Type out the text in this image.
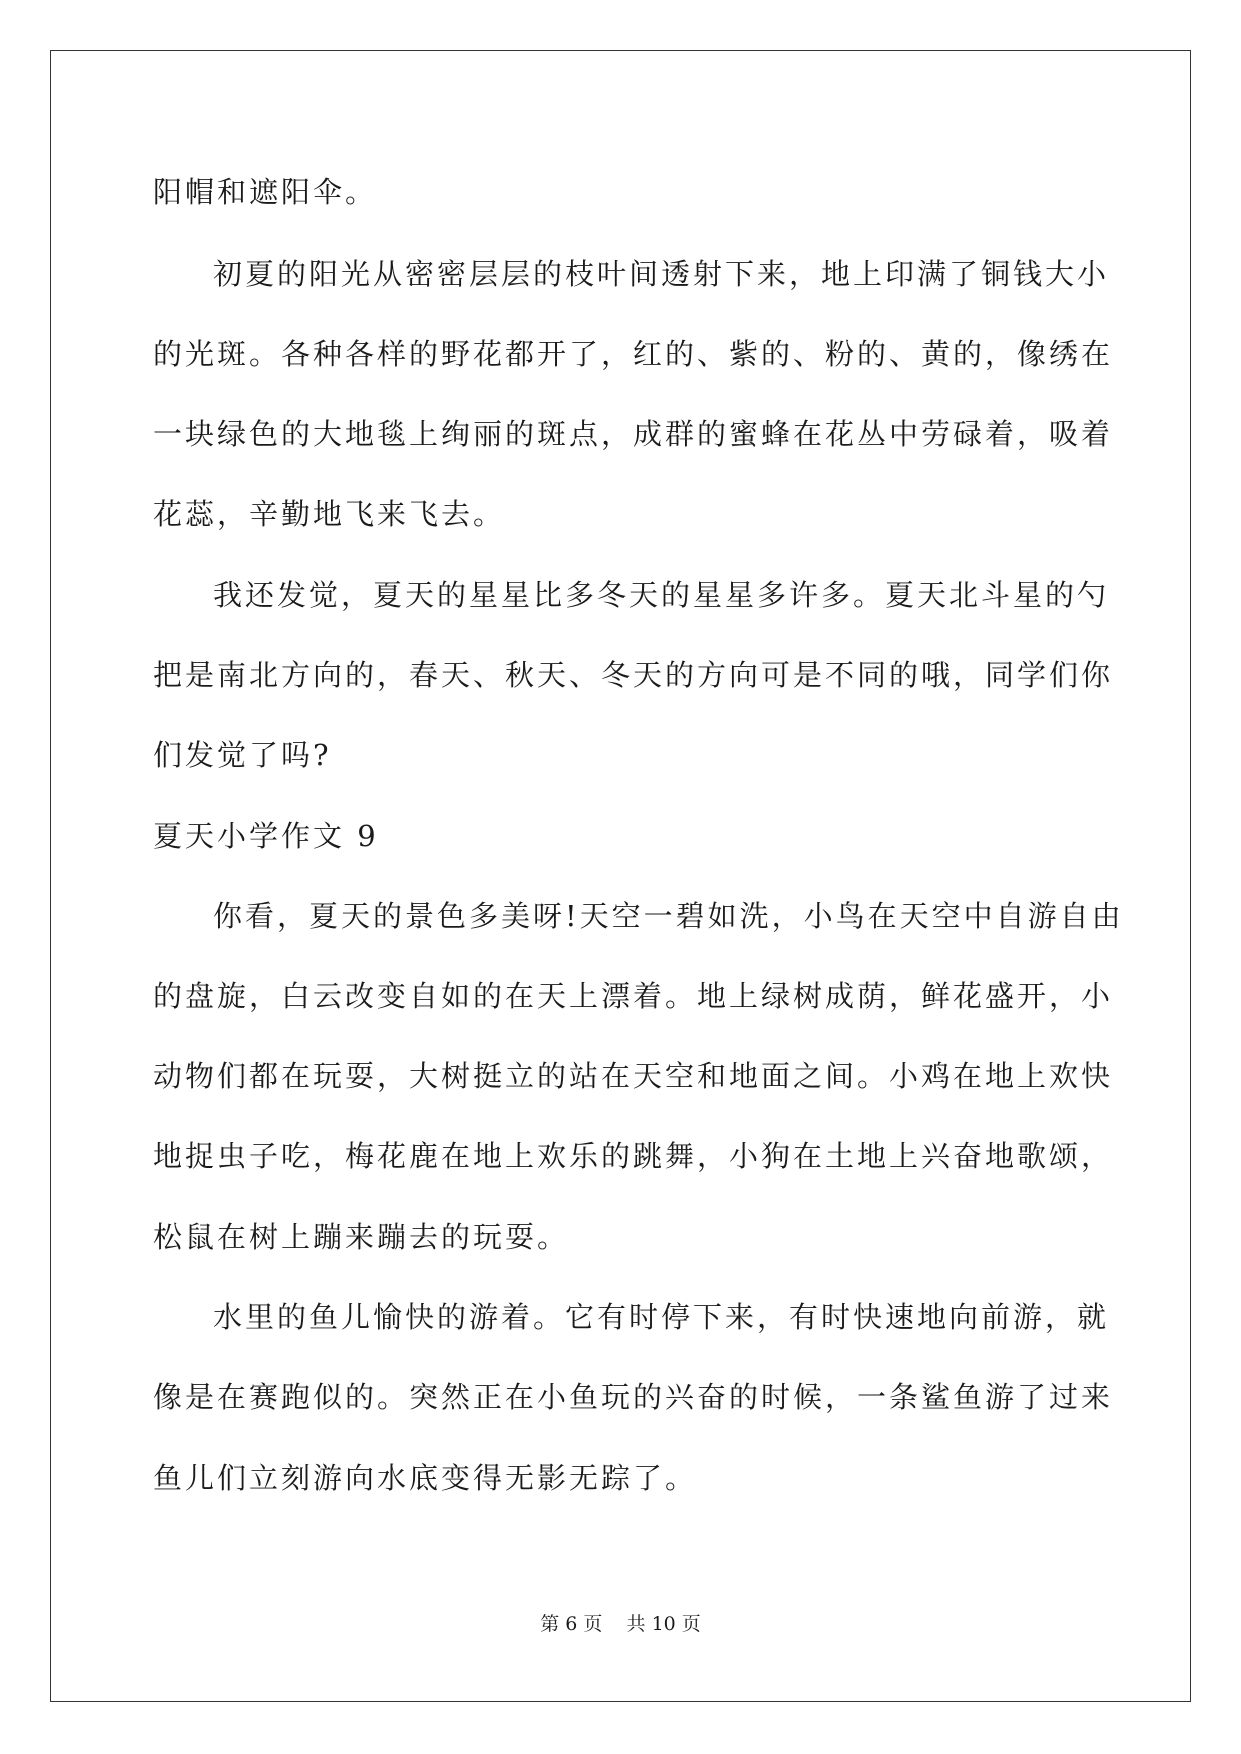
阳帽和遮阳伞。
初夏的阳光从密密层层的枝叶间透射下来，地上印满了铜钱大小
的光斑。各种各样的野花都开了，红的、紫的、粉的、黄的，像绣在
一块绿色的大地毯上绚丽的斑点，成群的蜜蜂在花丛中劳碌着，吸着
花蕊，辛勤地飞来飞去。
我还发觉，夏天的星星比多冬天的星星多许多。夏天北斗星的勺
把是南北方向的，春天、秋天、冬天的方向可是不同的哦，同学们你
们发觉了吗?
夏天小学作文 9
你看，夏天的景色多美呀!天空一碧如洗，小鸟在天空中自游自由
的盘旋，白云改变自如的在天上漂着。地上绿树成荫，鲜花盛开，小
动物们都在玩耍，大树挺立的站在天空和地面之间。小鸡在地上欢快
地捉虫子吃，梅花鹿在地上欢乐的跳舞，小狗在土地上兴奋地歌颂，
松鼠在树上蹦来蹦去的玩耍。
水里的鱼儿愉快的游着。它有时停下来，有时快速地向前游，就
像是在赛跑似的。突然正在小鱼玩的兴奋的时候，一条鲨鱼游了过来
鱼儿们立刻游向水底变得无影无踪了。
第 6 页 共 10 页
